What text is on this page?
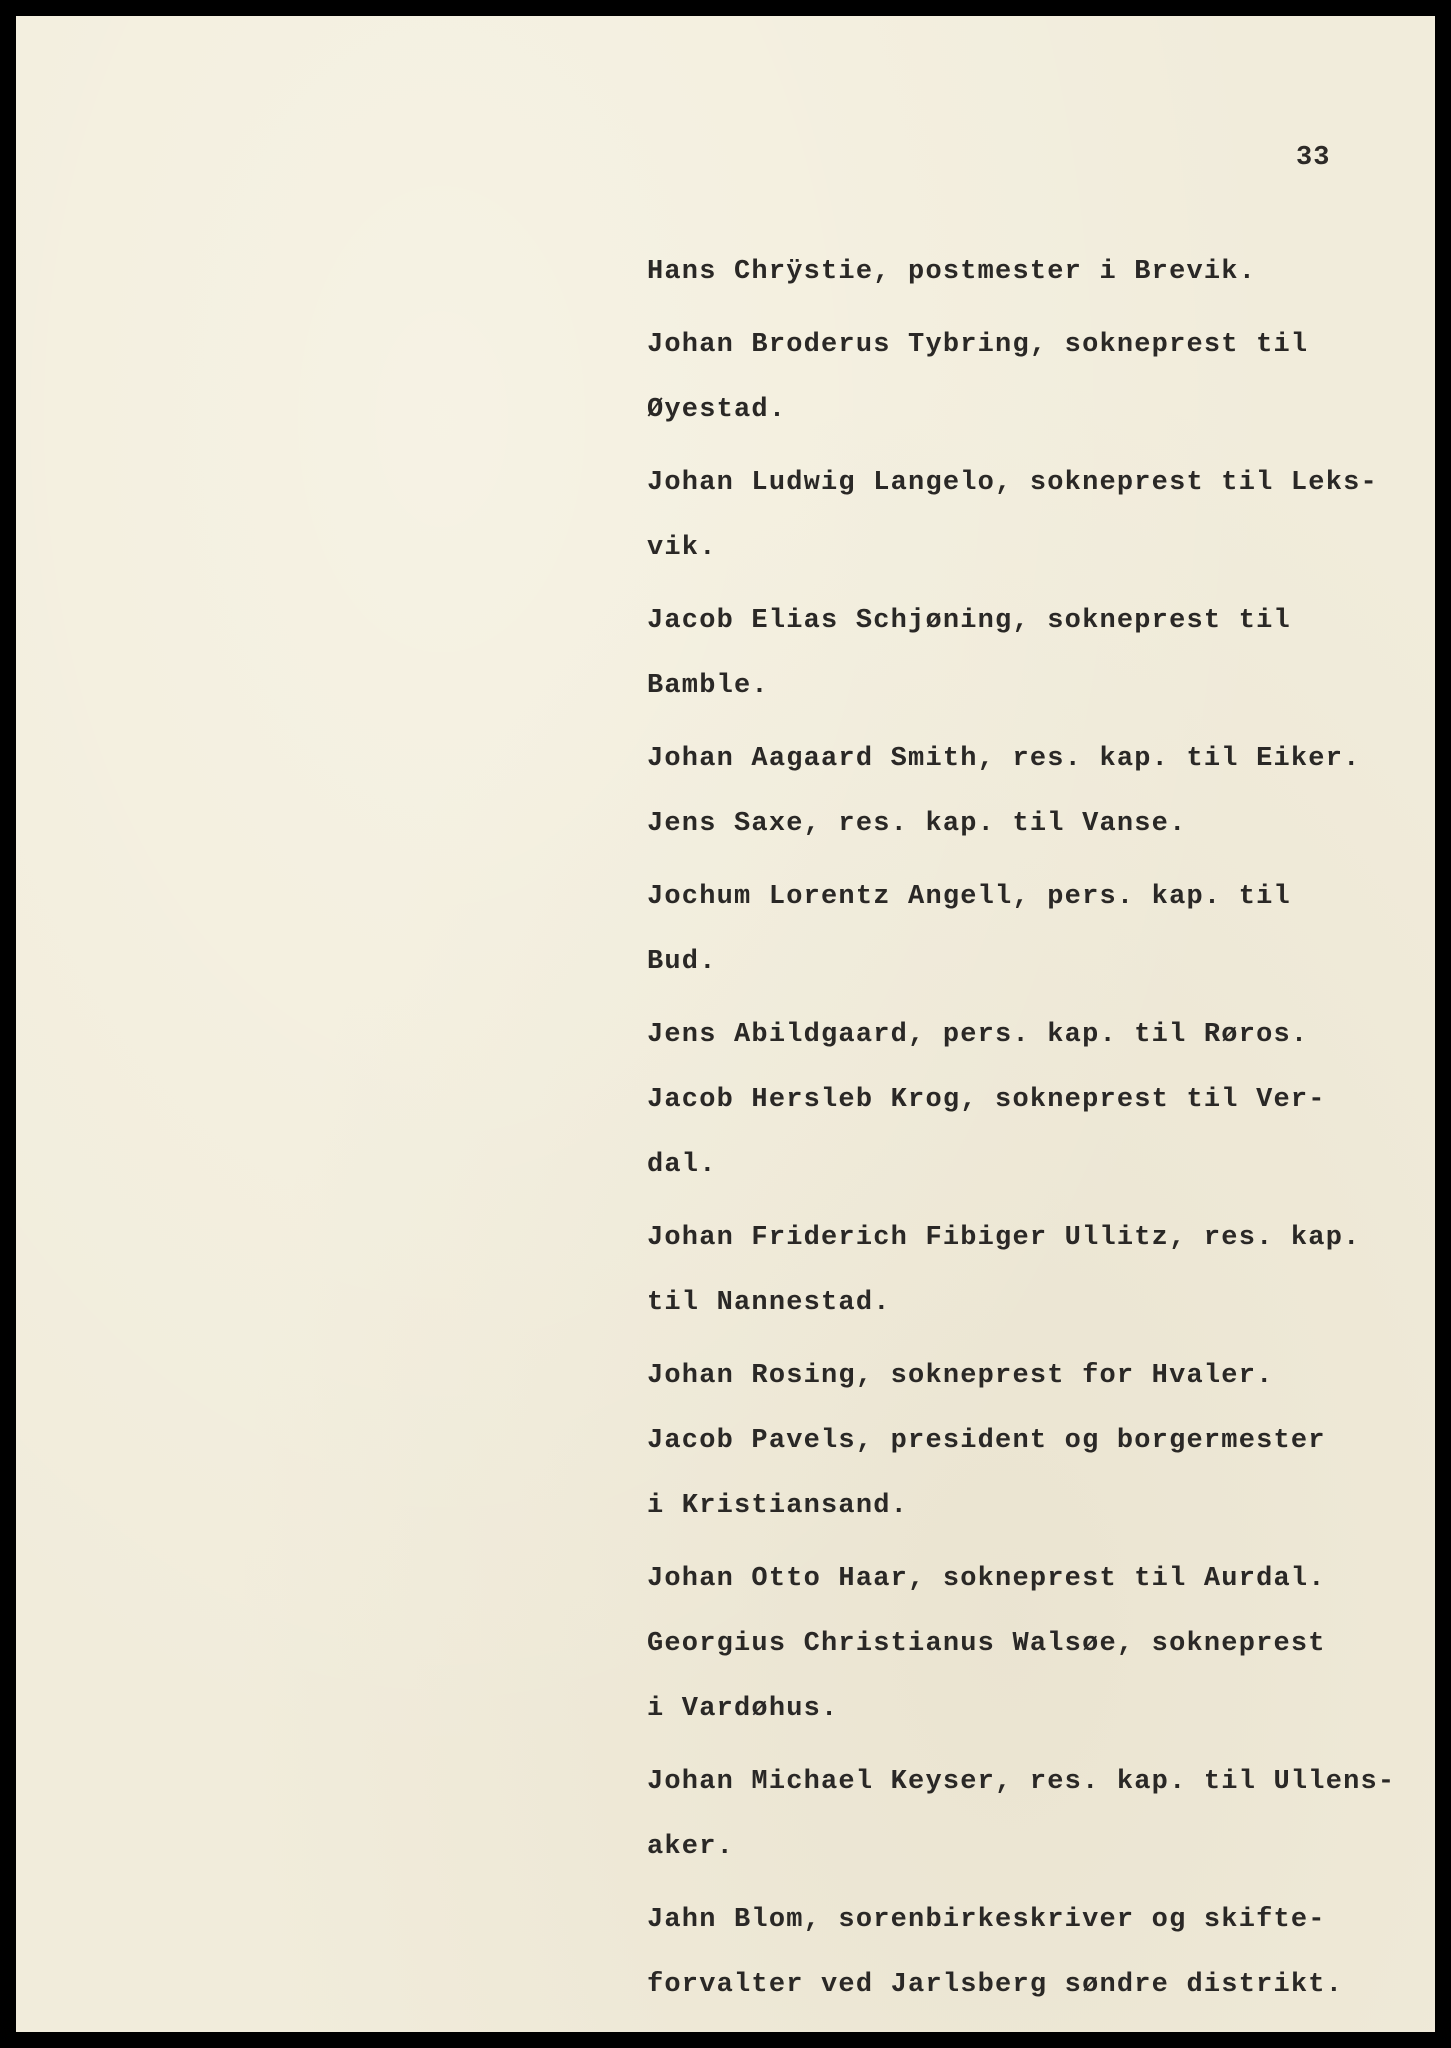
33

Hans Chrÿstie, postmester i Brevik.

Johan Broderus Tybring, sokneprest til
Øyestad.

Johan Ludwig Langelo, sokneprest til Leks-
vik.

Jacob Elias Schjøning, sokneprest til
Bamble.

Johan Aagaard Smith, res. kap. til Eiker.

Jens Saxe, res. kap. til Vanse.

Jochum Lorentz Angell, pers. kap. til
Bud.

Jens Abildgaard, pers. kap. til Røros.

Jacob Hersleb Krog, sokneprest til Ver-
dal.

Johan Friderich Fibiger Ullitz, res. kap.
til Nannestad.

Johan Rosing, sokneprest for Hvaler.

Jacob Pavels, president og borgermester
i Kristiansand.

Johan Otto Haar, sokneprest til Aurdal.

Georgius Christianus Walsøe, sokneprest
i Vardøhus.

Johan Michael Keyser, res. kap. til Ullens-
aker.

Jahn Blom, sorenbirkeskriver og skifte-
forvalter ved Jarlsberg søndre distrikt.
